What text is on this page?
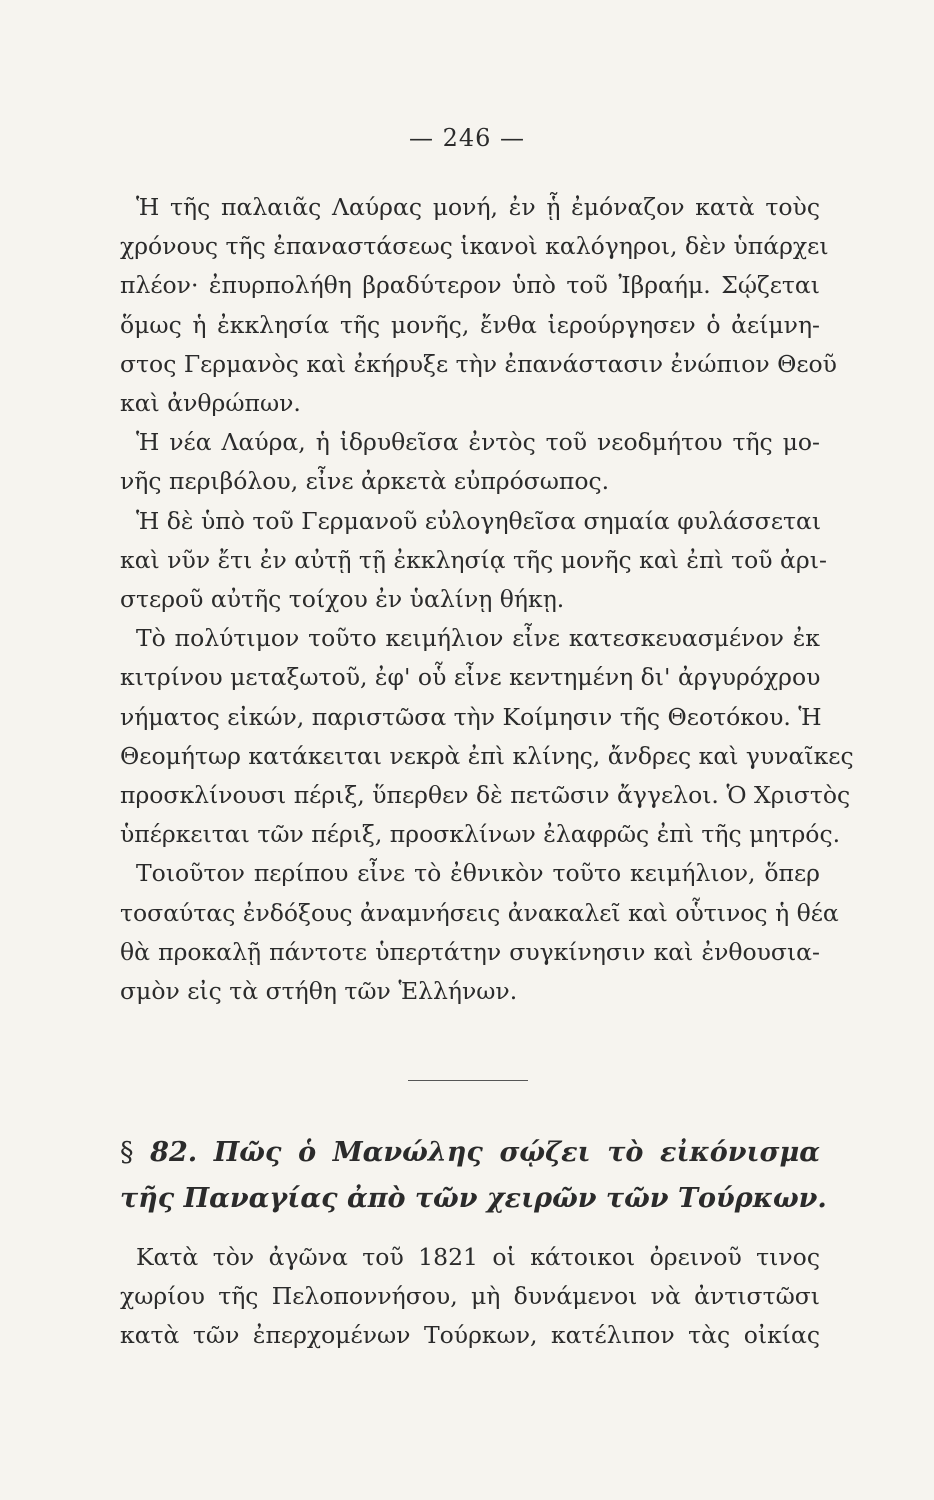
— 246 —

Ἡ τῆς παλαιᾶς Λαύρας μονή, ἐν ᾗ ἐμόναζον κατὰ τοὺς
χρόνους τῆς ἐπαναστάσεως ἱκανοὶ καλόγηροι, δὲν ὑπάρχει
πλέον· ἐπυρπολήθη βραδύτερον ὑπὸ τοῦ Ἰβραήμ. Σῴζεται
ὅμως ἡ ἐκκλησία τῆς μονῆς, ἔνθα ἱερούργησεν ὁ ἀείμνη-
στος Γερμανὸς καὶ ἐκήρυξε τὴν ἐπανάστασιν ἐνώπιον Θεοῦ
καὶ ἀνθρώπων.

Ἡ νέα Λαύρα, ἡ ἱδρυθεῖσα ἐντὸς τοῦ νεοδμήτου τῆς μο-
νῆς περιβόλου, εἶνε ἀρκετὰ εὐπρόσωπος.

Ἡ δὲ ὑπὸ τοῦ Γερμανοῦ εὐλογηθεῖσα σημαία φυλάσσεται
καὶ νῦν ἔτι ἐν αὐτῇ τῇ ἐκκλησίᾳ τῆς μονῆς καὶ ἐπὶ τοῦ ἀρι-
στεροῦ αὐτῆς τοίχου ἐν ὑαλίνῃ θήκῃ.

Τὸ πολύτιμον τοῦτο κειμήλιον εἶνε κατεσκευασμένον ἐκ
κιτρίνου μεταξωτοῦ, ἐφ' οὗ εἶνε κεντημένη δι' ἀργυρόχρου
νήματος εἰκών, παριστῶσα τὴν Κοίμησιν τῆς Θεοτόκου. Ἡ
Θεομήτωρ κατάκειται νεκρὰ ἐπὶ κλίνης, ἄνδρες καὶ γυναῖκες
προσκλίνουσι πέριξ, ὕπερθεν δὲ πετῶσιν ἄγγελοι. Ὁ Χριστὸς
ὑπέρκειται τῶν πέριξ, προσκλίνων ἐλαφρῶς ἐπὶ τῆς μητρός.

Τοιοῦτον περίπου εἶνε τὸ ἐθνικὸν τοῦτο κειμήλιον, ὅπερ
τοσαύτας ἐνδόξους ἀναμνήσεις ἀνακαλεῖ καὶ οὗτινος ἡ θέα
θὰ προκαλῇ πάντοτε ὑπερτάτην συγκίνησιν καὶ ἐνθουσια-
σμὸν εἰς τὰ στήθη τῶν Ἑλλήνων.

§ 82. Πῶς ὁ Μανώλης σῴζει τὸ εἰκόνισμα
τῆς Παναγίας ἀπὸ τῶν χειρῶν τῶν Τούρκων.

Κατὰ τὸν ἀγῶνα τοῦ 1821 οἱ κάτοικοι ὀρεινοῦ τινος
χωρίου τῆς Πελοποννήσου, μὴ δυνάμενοι νὰ ἀντιστῶσι
κατὰ τῶν ἐπερχομένων Τούρκων, κατέλιπον τὰς οἰκίας
